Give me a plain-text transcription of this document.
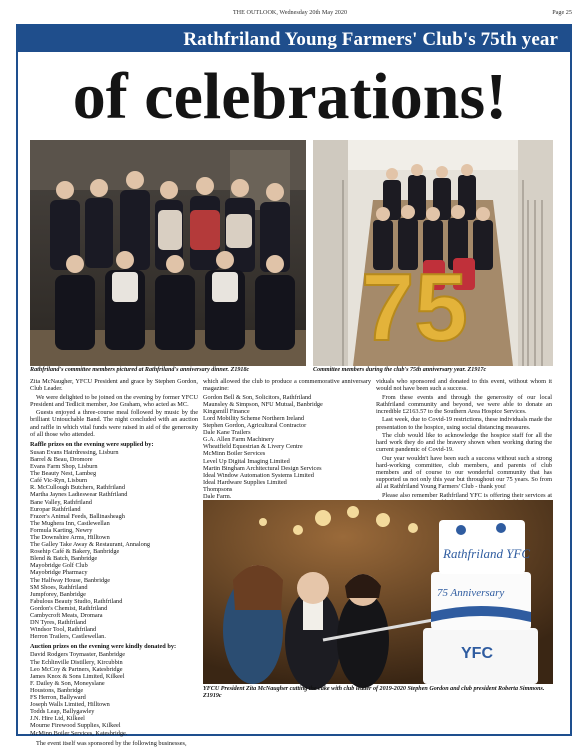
THE OUTLOOK, Wednesday 20th May 2020	Page 25
Rathfriland Young Farmers' Club's 75th year
of celebrations!
Rathfriland's committee members pictured at Rathfriland's anniversary dinner. Z1918c
75
Committee members during the club's 75th anniversary year. Z1917c

Zita McNaugher, YFCU President and grace by Stephen Gordon, Club Leader.

We were delighted to be joined on the evening by former YFCU President and Tedlicit member, Joe Graham, who acted as MC.

Guests enjoyed a three-course meal followed by music by the brilliant Untouchable Band. The night concluded with an auction and raffle in which vital funds were raised in aid of the generosity of all those who attended.

Raffle prizes on the evening were supplied by:

Susan Evans Hairdressing, Lisburn
Barrel & Beau, Dromore
Evans Farm Shop, Lisburn
The Beauty Nest, Lambeg
Café Vic-Ryn, Lisburn
R. McCullough Butchers, Rathfriland
Martha Jaynes Ladieswear Rathfriland
Bane Valley, Rathfriland
Europar Rathfriland
Frazer's Animal Feeds, Ballinasheagh
The Mughera Inn, Castlewellan
Formula Karting, Newry
The Downshire Arms, Hilltown
The Galley Take Away & Restaurant, Annalong
Rosehip Café & Bakery, Banbridge
Blend & Batch, Banbridge
Mayobridge Golf Club
Mayobridge Pharmacy
The Halfway House, Banbridge
SM Shoes, Rathfriland
Jumpforey, Banbridge
Fabulous Beauty Studio, Rathfriland
Gordon's Chemist, Rathfriland
Cambycroft Meats, Dromara
DN Tyres, Rathfriland
Windsor Tool, Rathfriland
Herron Trailers, Castlewellan.

Auction prizes on the evening were kindly donated by:

David Rodgers Toymaster, Banbridge
The Echlinville Distillery, Kircubbin
Leo McCoy & Partners, Katesbridge
James Knox & Sons Limited, Kilkeel
F. Dailey & Son, Moneyslane
Houstons, Banbridge
FS Herron, Ballyward
Joseph Walls Limited, Hilltown
Todds Leap, Ballygawley
J.N. Hire Ltd, Kilkeel
Mourne Firewood Supplies, Kilkeel
McMinn Boiler Services, Katesbridge.

The event itself was sponsored by the following businesses,

which allowed the club to produce a commemorative anniversary magazine:

Gordon Bell & Son, Solicitors, Rathfriland
Maunsley & Simpson, NFU Mutual, Banbridge
Kingsmill Finance
Lord Mobility Scheme Northern Ireland
Stephen Gordon, Agricultural Contractor
Dale Kane Trailers
G.A. Allen Farm Machinery
Wheatfield Equestrian & Livery Centre
McMinn Boiler Services
Level Up Digital Imaging Limited
Martin Bingham Architectural Design Services
Ideal Window Automation Systems Limited
Ideal Hardware Supplies Limited
Thompsons
Dale Farm.

viduals who sponsored and donated to this event, without whom it would not have been such a success.

From these events and through the generosity of our local Rathfriland community and beyond, we were able to donate an incredible £2163.57 to the Southern Area Hospice Services.

Last week, due to Covid-19 restrictions, these individuals made the presentation to the hospice, using social distancing measures.

The club would like to acknowledge the hospice staff for all the hard work they do and the bravery shown when working during the current pandemic of Covid-19.

Our year wouldn't have been such a success without such a strong hard-working committee, club members, and parents of club members and of course to our wonderful community that has supported us not only this year but throughout our 75 years. So from all at Rathfriland Young Farmers' Club - thank you!

Please also remember Rathfriland YFC is offering their services at

Rathfriland YFC
75 Anniversary
YFC
YFCU President Zita McNaugher cutting the cake with club leader of 2019-2020 Stephen Gordon and club president Roberta Simmons. Z1919c
